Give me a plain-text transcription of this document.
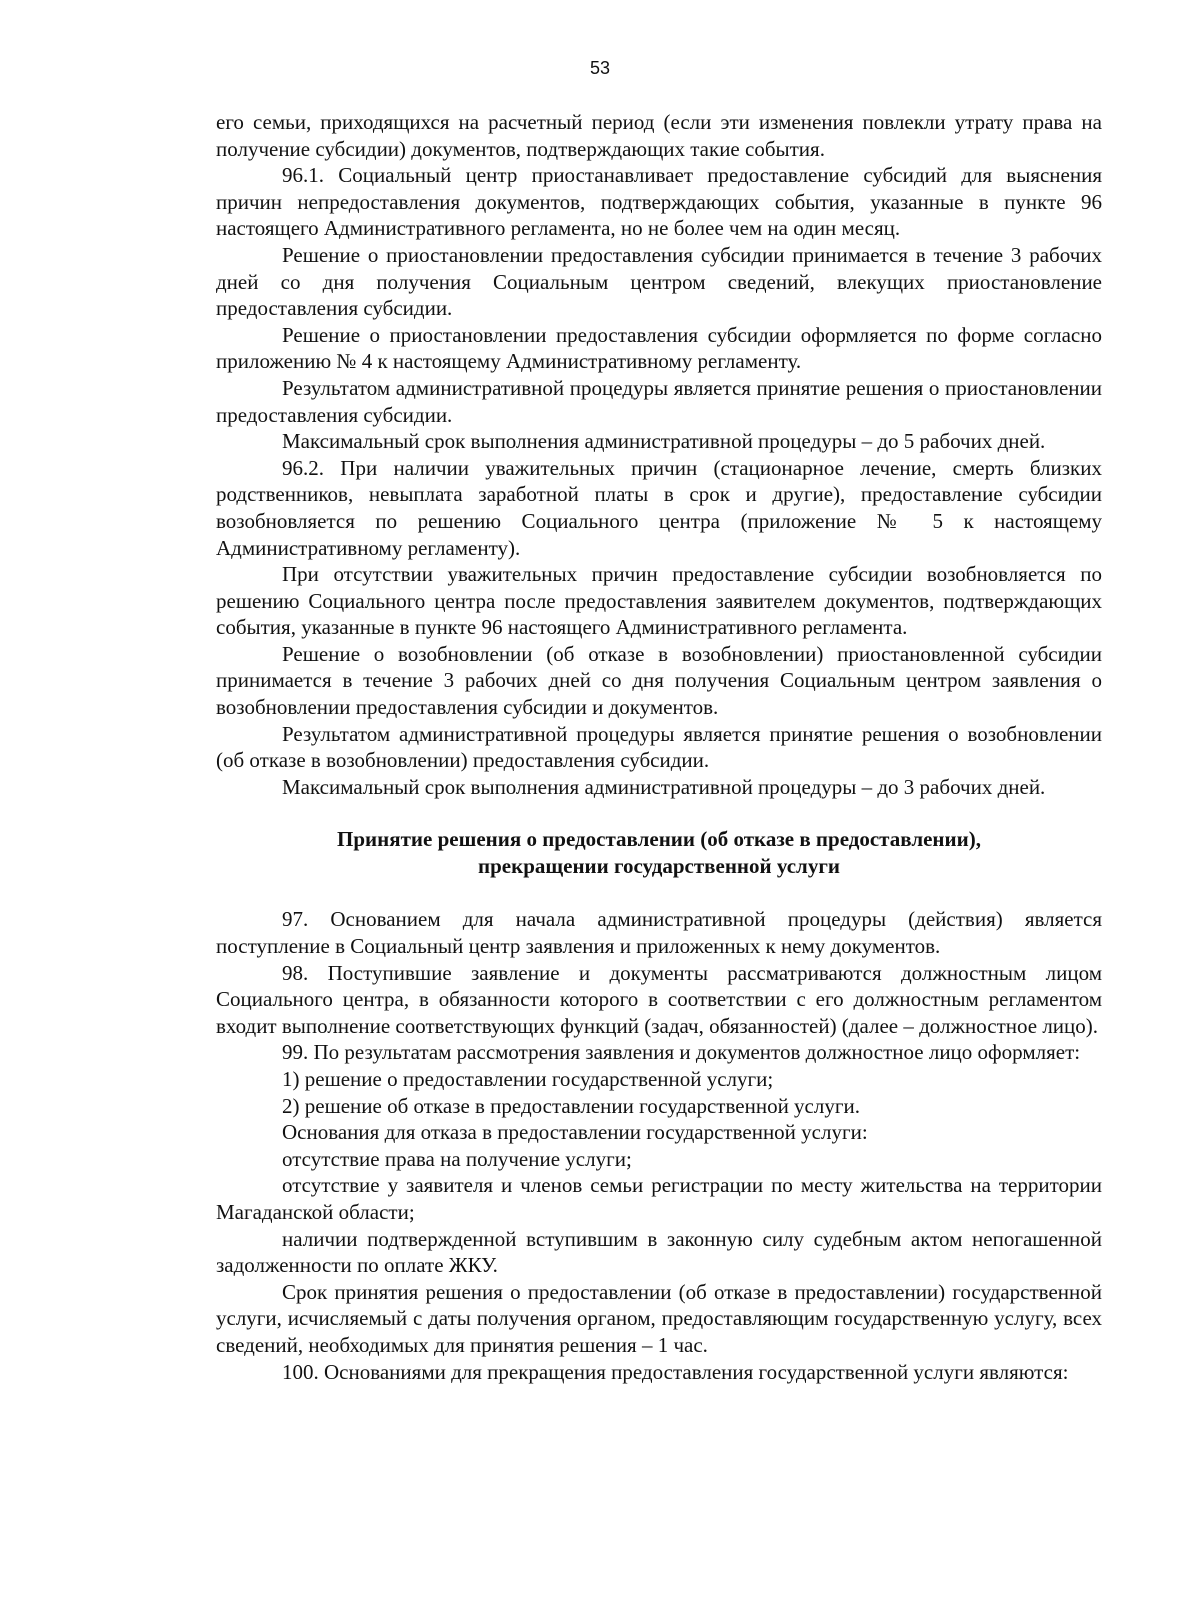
53

его семьи, приходящихся на расчетный период (если эти изменения повлекли утрату права на получение субсидии) документов, подтверждающих такие события.

96.1. Социальный центр приостанавливает предоставление субсидий для выяснения причин непредоставления документов, подтверждающих события, указанные в пункте 96 настоящего Административного регламента, но не более чем на один месяц.

Решение о приостановлении предоставления субсидии принимается в течение 3 рабочих дней со дня получения Социальным центром сведений, влекущих приостановление предоставления субсидии.

Решение о приостановлении предоставления субсидии оформляется по форме согласно приложению № 4 к настоящему Административному регламенту.

Результатом административной процедуры является принятие решения о приостановлении предоставления субсидии.

Максимальный срок выполнения административной процедуры – до 5 рабочих дней.

96.2. При наличии уважительных причин (стационарное лечение, смерть близких родственников, невыплата заработной платы в срок и другие), предоставление субсидии возобновляется по решению Социального центра (приложение № 5 к настоящему Административному регламенту).

При отсутствии уважительных причин предоставление субсидии возобновляется по решению Социального центра после предоставления заявителем документов, подтверждающих события, указанные в пункте 96 настоящего Административного регламента.

Решение о возобновлении (об отказе в возобновлении) приостановленной субсидии принимается в течение 3 рабочих дней со дня получения Социальным центром заявления о возобновлении предоставления субсидии и документов.

Результатом административной процедуры является принятие решения о возобновлении (об отказе в возобновлении) предоставления субсидии.

Максимальный срок выполнения административной процедуры – до 3 рабочих дней.

Принятие решения о предоставлении (об отказе в предоставлении),
прекращении государственной услуги

97. Основанием для начала административной процедуры (действия) является поступление в Социальный центр заявления и приложенных к нему документов.

98. Поступившие заявление и документы рассматриваются должностным лицом Социального центра, в обязанности которого в соответствии с его должностным регламентом входит выполнение соответствующих функций (задач, обязанностей) (далее – должностное лицо).

99. По результатам рассмотрения заявления и документов должностное лицо оформляет:

1) решение о предоставлении государственной услуги;

2) решение об отказе в предоставлении государственной услуги.

Основания для отказа в предоставлении государственной услуги:

отсутствие права на получение услуги;

отсутствие у заявителя и членов семьи регистрации по месту жительства на территории Магаданской области;

наличии подтвержденной вступившим в законную силу судебным актом непогашенной задолженности по оплате ЖКУ.

Срок принятия решения о предоставлении (об отказе в предоставлении) государственной услуги, исчисляемый с даты получения органом, предоставляющим государственную услугу, всех сведений, необходимых для принятия решения – 1 час.

100. Основаниями для прекращения предоставления государственной услуги являются:
